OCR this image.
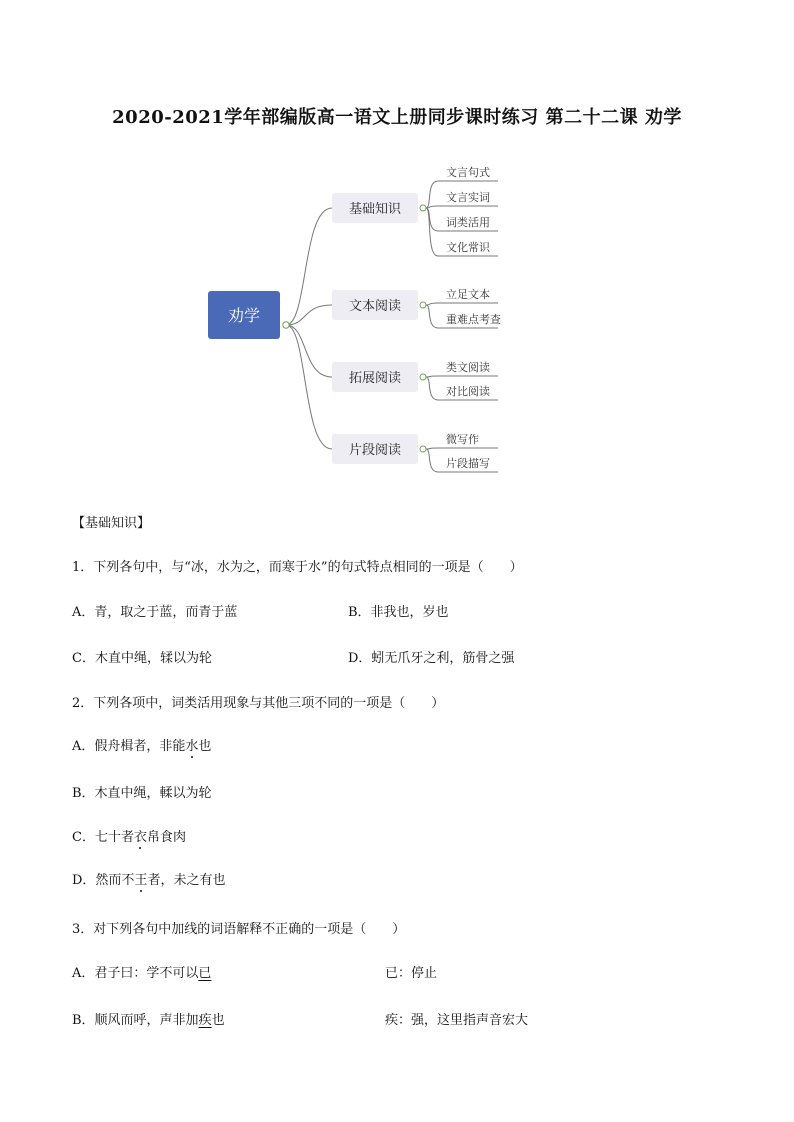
2020-2021学年部编版高一语文上册同步课时练习 第二十二课 劝学
劝学
基础知识
文言句式
文言实词
词类活用
文化常识
文本阅读
立足文本
重难点考查
拓展阅读
类文阅读
对比阅读
片段阅读
微写作
片段描写
【基础知识】
1．下列各句中，与“冰，水为之，而寒于水”的句式特点相同的一项是（　　）
A．青，取之于蓝，而青于蓝	B．非我也，岁也
C．木直中绳，𫐓以为轮	D．蚓无爪牙之利，筋骨之强
2．下列各项中，词类活用现象与其他三项不同的一项是（　　）
A．假舟楫者，非能水也
B．木直中绳，輮以为轮
C．七十者衣帛食肉
D．然而不王者，未之有也
3．对下列各句中加线的词语解释不正确的一项是（　　）
A．君子曰：学不可以已	已：停止
B．顺风而呼，声非加疾也	疾：强，这里指声音宏大
